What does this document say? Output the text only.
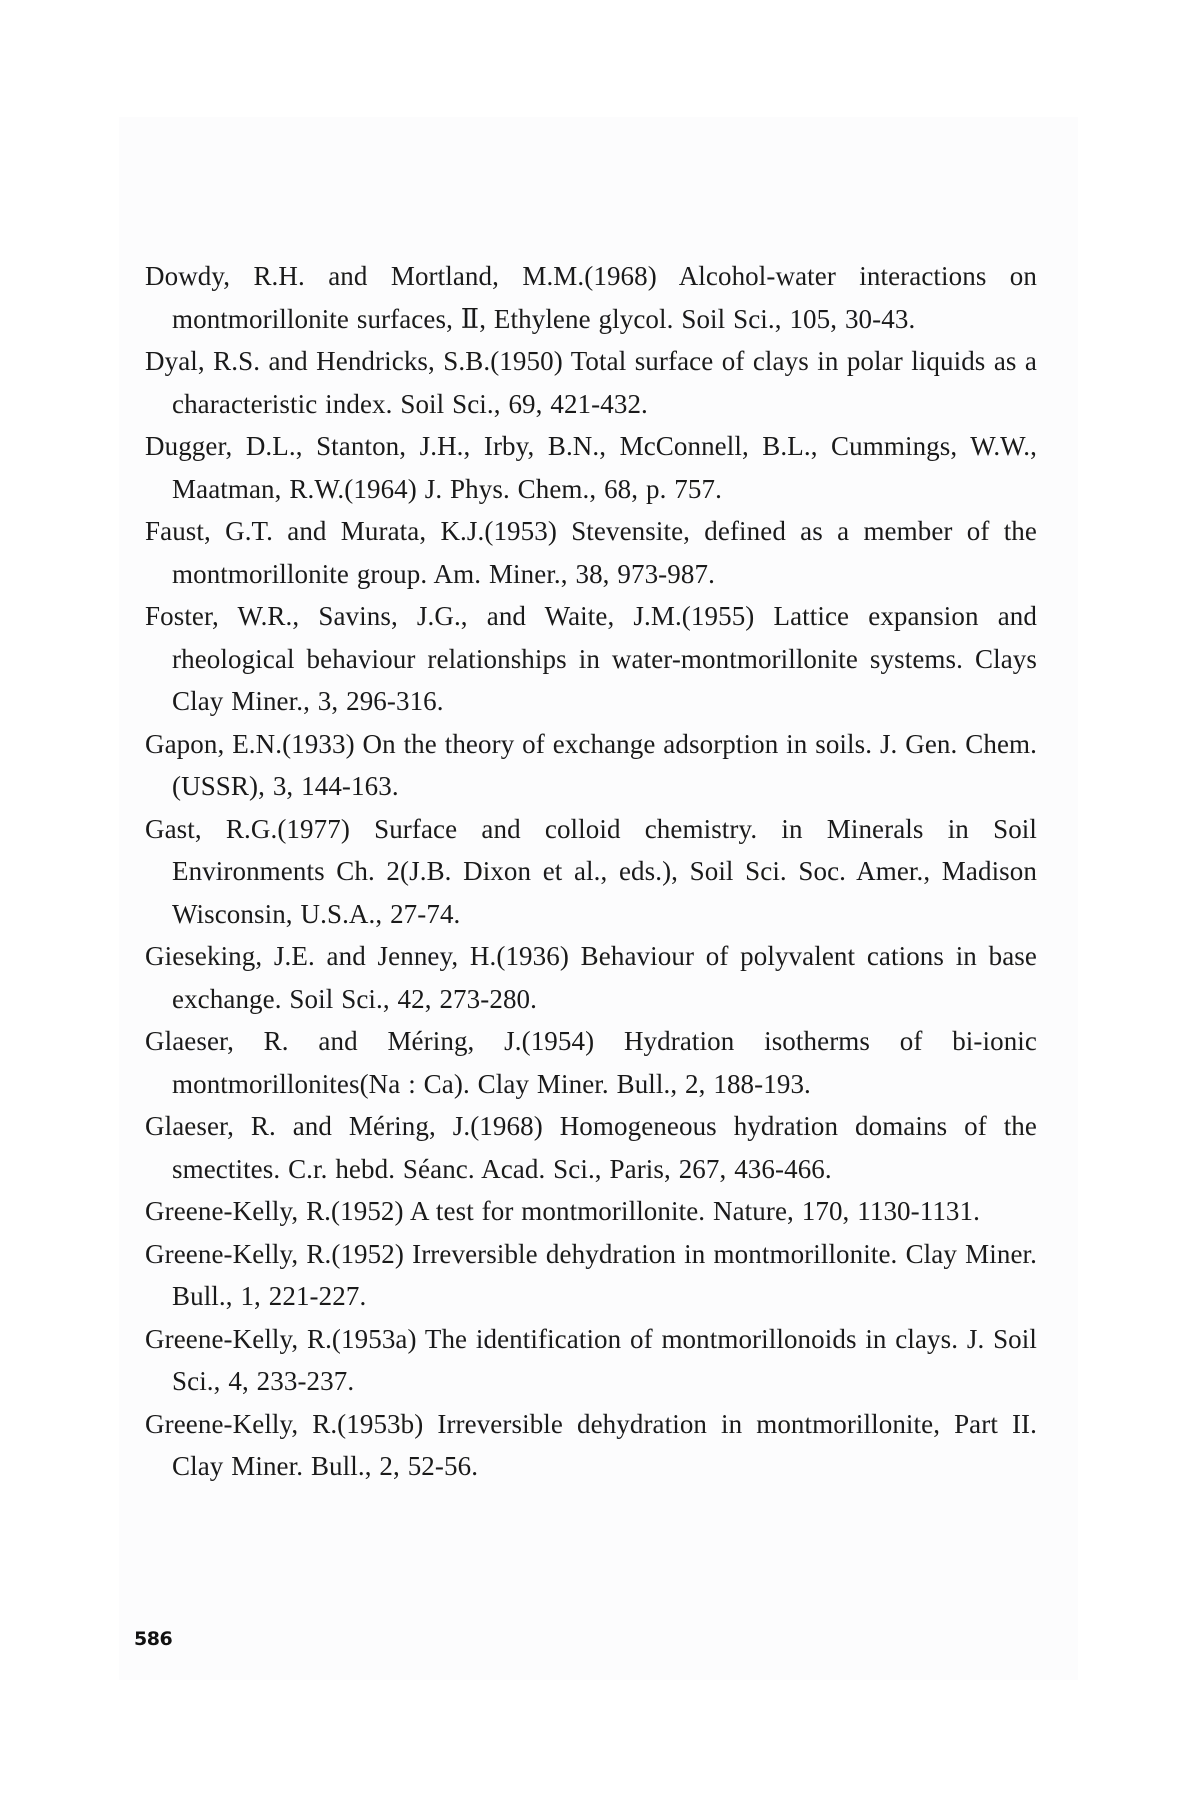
Dowdy, R.H. and Mortland, M.M.(1968) Alcohol-water interactions on montmorillonite surfaces, Ⅱ, Ethylene glycol. Soil Sci., 105, 30-43.
Dyal, R.S. and Hendricks, S.B.(1950) Total surface of clays in polar liquids as a characteristic index. Soil Sci., 69, 421-432.
Dugger, D.L., Stanton, J.H., Irby, B.N., McConnell, B.L., Cummings, W.W., Maatman, R.W.(1964) J. Phys. Chem., 68, p. 757.
Faust, G.T. and Murata, K.J.(1953) Stevensite, defined as a member of the montmorillonite group. Am. Miner., 38, 973-987.
Foster, W.R., Savins, J.G., and Waite, J.M.(1955) Lattice expansion and rheological behaviour relationships in water-montmorillonite systems. Clays Clay Miner., 3, 296-316.
Gapon, E.N.(1933) On the theory of exchange adsorption in soils. J. Gen. Chem.(USSR), 3, 144-163.
Gast, R.G.(1977) Surface and colloid chemistry. in Minerals in Soil Environments Ch. 2(J.B. Dixon et al., eds.), Soil Sci. Soc. Amer., Madison Wisconsin, U.S.A., 27-74.
Gieseking, J.E. and Jenney, H.(1936) Behaviour of polyvalent cations in base exchange. Soil Sci., 42, 273-280.
Glaeser, R. and Méring, J.(1954) Hydration isotherms of bi-ionic montmorillonites(Na : Ca). Clay Miner. Bull., 2, 188-193.
Glaeser, R. and Méring, J.(1968) Homogeneous hydration domains of the smectites. C.r. hebd. Séanc. Acad. Sci., Paris, 267, 436-466.
Greene-Kelly, R.(1952) A test for montmorillonite. Nature, 170, 1130-1131.
Greene-Kelly, R.(1952) Irreversible dehydration in montmorillonite. Clay Miner. Bull., 1, 221-227.
Greene-Kelly, R.(1953a) The identification of montmorillonoids in clays. J. Soil Sci., 4, 233-237.
Greene-Kelly, R.(1953b) Irreversible dehydration in montmorillonite, Part II. Clay Miner. Bull., 2, 52-56.
586
